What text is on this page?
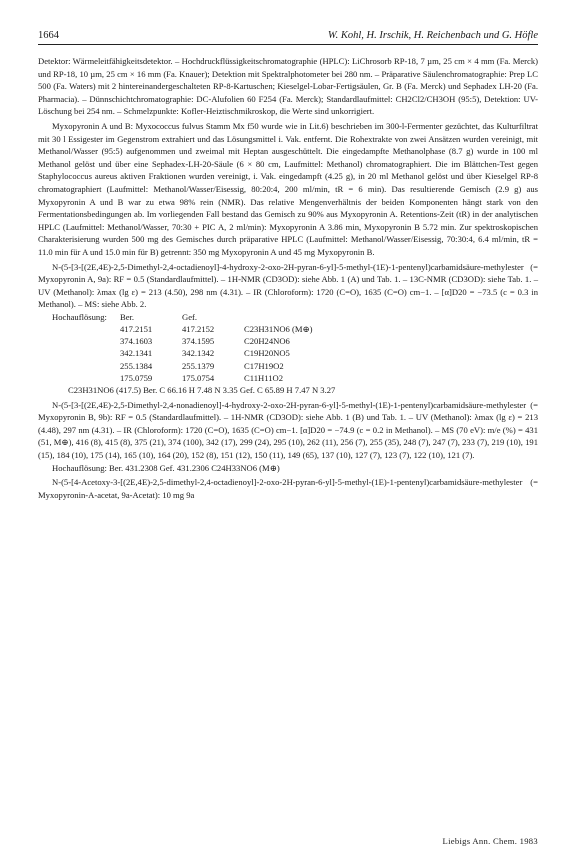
1664	W. Kohl, H. Irschik, H. Reichenbach und G. Höfle

Detektor: Wärmeleitfähigkeitsdetektor. – Hochdruckflüssigkeitschromatographie (HPLC): LiChrosorb RP-18, 7 µm, 25 cm × 4 mm (Fa. Merck) und RP-18, 10 µm, 25 cm × 16 mm (Fa. Knauer); Detektion mit Spektralphotometer bei 280 nm. – Präparative Säulenchromatographie: Prep LC 500 (Fa. Waters) mit 2 hintereinandergeschalteten RP-8-Kartuschen; Kieselgel-Lobar-Fertigsäulen, Gr. B (Fa. Merck) und Sephadex LH-20 (Fa. Pharmacia). – Dünnschichtchromatographie: DC-Alufolien 60 F254 (Fa. Merck); Standardlaufmittel: CH2Cl2/CH3OH (95:5), Detektion: UV-Löschung bei 254 nm. – Schmelzpunkte: Kofler-Heiztischmikroskop, die Werte sind unkorrigiert.

Myxopyronin A und B: Myxococcus fulvus Stamm Mx f50 wurde wie in Lit.6) beschrieben im 300-l-Fermenter gezüchtet, das Kulturfiltrat mit 30 l Essigester im Gegenstrom extrahiert und das Lösungsmittel i. Vak. entfernt. Die Rohextrakte von zwei Ansätzen wurden vereinigt, mit Methanol/Wasser (95:5) aufgenommen und zweimal mit Heptan ausgeschüttelt. Die eingedampfte Methanolphase (8.7 g) wurde in 100 ml Methanol gelöst und über eine Sephadex-LH-20-Säule (6 × 80 cm, Laufmittel: Methanol) chromatographiert. Die im Blättchen-Test gegen Staphylococcus aureus aktiven Fraktionen wurden vereinigt, i. Vak. eingedampft (4.25 g), in 20 ml Methanol gelöst und über Kieselgel RP-8 chromatographiert (Laufmittel: Methanol/Wasser/Eisessig, 80:20:4, 200 ml/min, tR = 6 min). Das resultierende Gemisch (2.9 g) aus Myxopyronin A und B war zu etwa 98% rein (NMR). Das relative Mengenverhältnis der beiden Komponenten hängt stark von den Fermentationsbedingungen ab. Im vorliegenden Fall bestand das Gemisch zu 90% aus Myxopyronin A. Retentions-Zeit (tR) in der analytischen HPLC (Laufmittel: Methanol/Wasser, 70:30 + PIC A, 2 ml/min): Myxopyronin A 3.86 min, Myxopyronin B 5.72 min. Zur spektroskopischen Charakterisierung wurden 500 mg des Gemisches durch präparative HPLC (Laufmittel: Methanol/Wasser/Eisessig, 70:30:4, 6.4 ml/min, tR = 11.0 min für A und 15.0 min für B) getrennt: 350 mg Myxopyronin A und 45 mg Myxopyronin B.

N-(5-[3-[(2E,4E)-2,5-Dimethyl-2,4-octadienoyl]-4-hydroxy-2-oxo-2H-pyran-6-yl]-5-methyl-(1E)-1-pentenyl)carbamidsäure-methylester (= Myxopyronin A, 9a): RF = 0.5 (Standardlaufmittel). – 1H-NMR (CD3OD): siehe Abb. 1 (A) und Tab. 1. – 13C-NMR (CD3OD): siehe Tab. 1. – UV (Methanol): λmax (lg ε) = 213 (4.50), 298 nm (4.31). – IR (Chloroform): 1720 (C=O), 1635 (C=O) cm−1. – [α]D20 = −73.5 (c = 0.3 in Methanol). – MS: siehe Abb. 2.

Hochauflösung:	Ber.	Gef.	
	417.2151	417.2152	C23H31NO6 (M⊕)
	374.1603	374.1595	C20H24NO6
	342.1341	342.1342	C19H20NO5
	255.1384	255.1379	C17H19O2
	175.0759	175.0754	C11H11O2
C23H31NO6 (417.5) Ber. C 66.16 H 7.48 N 3.35 Gef. C 65.89 H 7.47 N 3.27

N-(5-[3-[(2E,4E)-2,5-Dimethyl-2,4-nonadienoyl]-4-hydroxy-2-oxo-2H-pyran-6-yl]-5-methyl-(1E)-1-pentenyl)carbamidsäure-methylester (= Myxopyronin B, 9b): RF = 0.5 (Standardlaufmittel). – 1H-NMR (CD3OD): siehe Abb. 1 (B) und Tab. 1. – UV (Methanol): λmax (lg ε) = 213 (4.48), 297 nm (4.31). – IR (Chloroform): 1720 (C=O), 1635 (C=O) cm−1. [α]D20 = −74.9 (c = 0.2 in Methanol). – MS (70 eV): m/e (%) = 431 (51, M⊕), 416 (8), 415 (8), 375 (21), 374 (100), 342 (17), 299 (24), 295 (10), 262 (11), 256 (7), 255 (35), 248 (7), 247 (7), 233 (7), 219 (10), 191 (15), 184 (10), 175 (14), 165 (10), 164 (20), 152 (8), 151 (12), 150 (11), 149 (65), 137 (10), 127 (7), 123 (7), 122 (10), 121 (7).

Hochauflösung: Ber. 431.2308 Gef. 431.2306 C24H33NO6 (M⊕)

N-(5-[4-Acetoxy-3-[(2E,4E)-2,5-dimethyl-2,4-octadienoyl]-2-oxo-2H-pyran-6-yl]-5-methyl-(1E)-1-pentenyl)carbamidsäure-methylester (= Myxopyronin-A-acetat, 9a-Acetat): 10 mg 9a

Liebigs Ann. Chem. 1983
